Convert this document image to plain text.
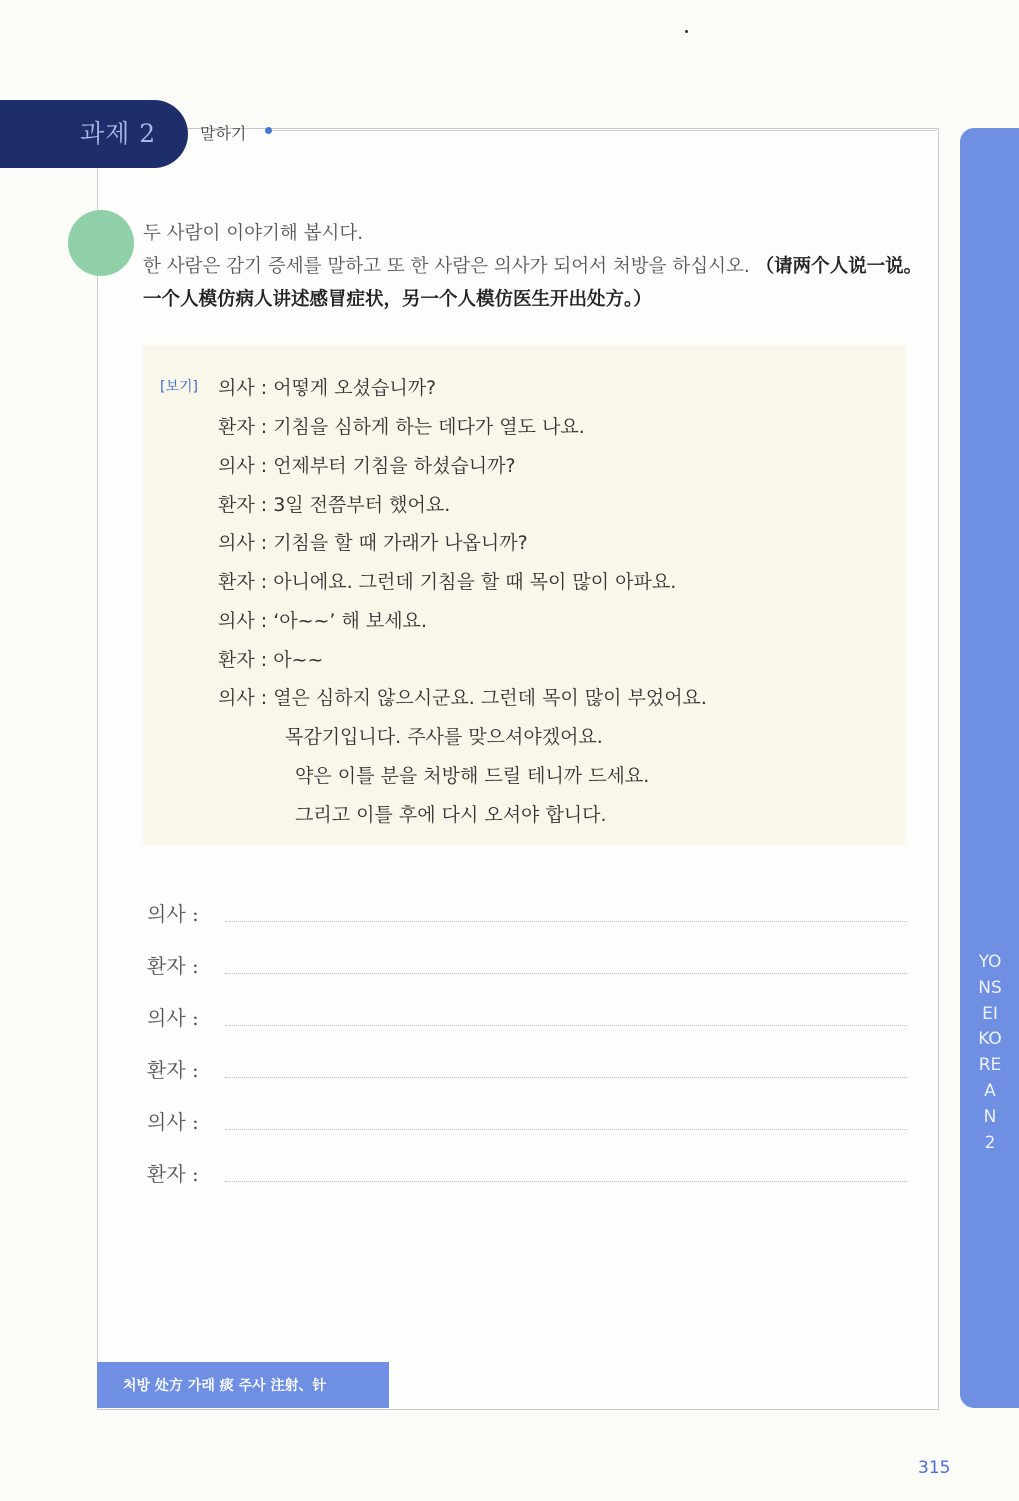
과제 2	말하기
YONSEI KOREAN 2
두 사람이 이야기해 봅시다.
한 사람은 감기 증세를 말하고 또 한 사람은 의사가 되어서 처방을 하십시오. （请两个人说一说。一个人模仿病人讲述感冒症状，另一个人模仿医生开出处方。）
[보기] 의사 : 어떻게 오셨습니까?
환자 : 기침을 심하게 하는 데다가 열도 나요.
의사 : 언제부터 기침을 하셨습니까?
환자 : 3일 전쯤부터 했어요.
의사 : 기침을 할 때 가래가 나옵니까?
환자 : 아니에요. 그런데 기침을 할 때 목이 많이 아파요.
의사 : ‘아~~’ 해 보세요.
환자 : 아~~
의사 : 열은 심하지 않으시군요. 그런데 목이 많이 부었어요.
목감기입니다. 주사를 맞으셔야겠어요.
약은 이틀 분을 처방해 드릴 테니까 드세요.
그리고 이틀 후에 다시 오셔야 합니다.
의사 :
환자 :
의사 :
환자 :
의사 :
환자 :
처방 处方 가래 痰 주사 注射、针
315
